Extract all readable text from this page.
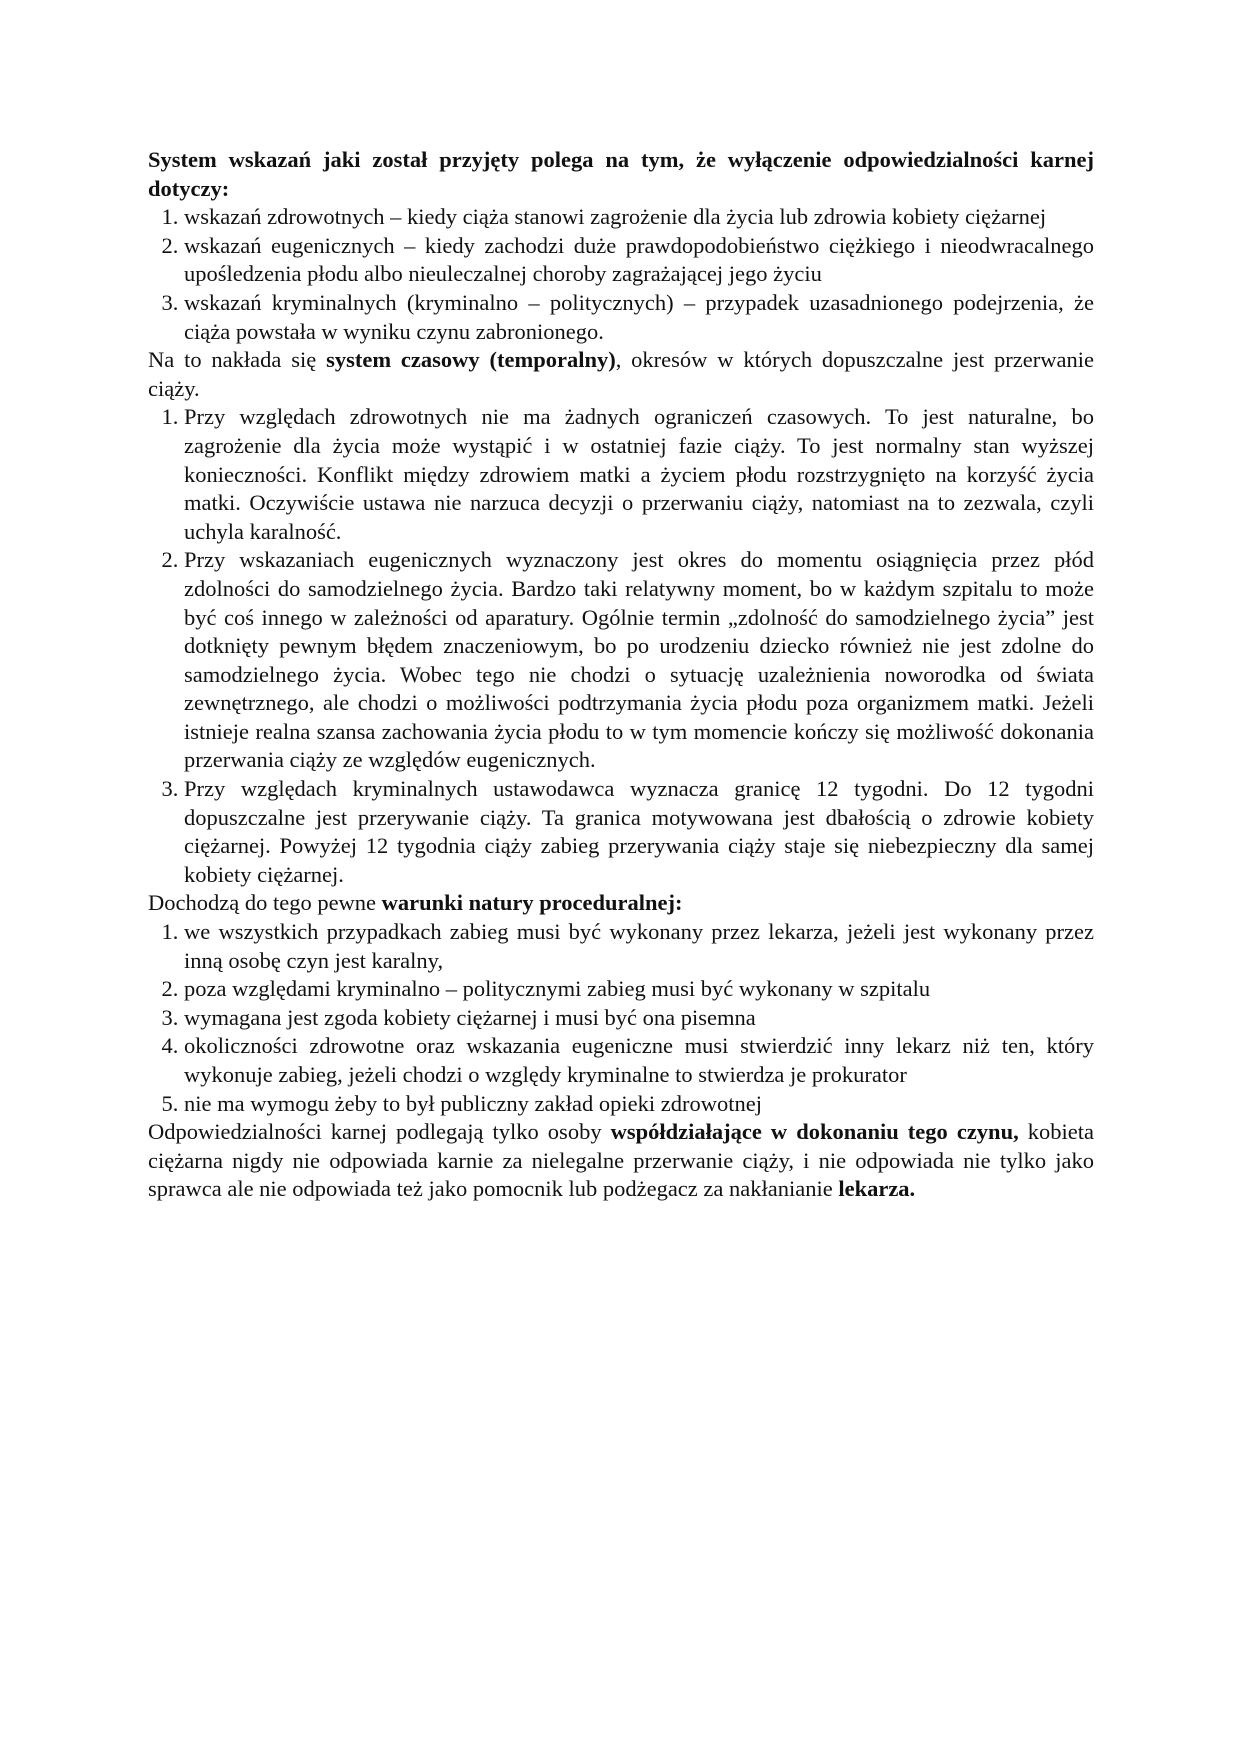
System wskazań jaki został przyjęty polega na tym, że wyłączenie odpowiedzialności karnej dotyczy:

1. wskazań zdrowotnych – kiedy ciąża stanowi zagrożenie dla życia lub zdrowia kobiety ciężarnej
2. wskazań eugenicznych – kiedy zachodzi duże prawdopodobieństwo ciężkiego i nieodwracalnego upośledzenia płodu albo nieuleczalnej choroby zagrażającej jego życiu
3. wskazań kryminalnych (kryminalno – politycznych) – przypadek uzasadnionego podejrzenia, że ciąża powstała w wyniku czynu zabronionego.

Na to nakłada się system czasowy (temporalny), okresów w których dopuszczalne jest przerwanie ciąży.

1. Przy względach zdrowotnych nie ma żadnych ograniczeń czasowych. To jest naturalne, bo zagrożenie dla życia może wystąpić i w ostatniej fazie ciąży. To jest normalny stan wyższej konieczności. Konflikt między zdrowiem matki a życiem płodu rozstrzygnięto na korzyść życia matki. Oczywiście ustawa nie narzuca decyzji o przerwaniu ciąży, natomiast na to zezwala, czyli uchyla karalność.
2. Przy wskazaniach eugenicznych wyznaczony jest okres do momentu osiągnięcia przez płód zdolności do samodzielnego życia. Bardzo taki relatywny moment, bo w każdym szpitalu to może być coś innego w zależności od aparatury. Ogólnie termin „zdolność do samodzielnego życia” jest dotknięty pewnym błędem znaczeniowym, bo po urodzeniu dziecko również nie jest zdolne do samodzielnego życia. Wobec tego nie chodzi o sytuację uzależnienia noworodka od świata zewnętrznego, ale chodzi o możliwości podtrzymania życia płodu poza organizmem matki. Jeżeli istnieje realna szansa zachowania życia płodu to w tym momencie kończy się możliwość dokonania przerwania ciąży ze względów eugenicznych.
3. Przy względach kryminalnych ustawodawca wyznacza granicę 12 tygodni. Do 12 tygodni dopuszczalne jest przerywanie ciąży. Ta granica motywowana jest dbałością o zdrowie kobiety ciężarnej. Powyżej 12 tygodnia ciąży zabieg przerywania ciąży staje się niebezpieczny dla samej kobiety ciężarnej.

Dochodzą do tego pewne warunki natury proceduralnej:

1. we wszystkich przypadkach zabieg musi być wykonany przez lekarza, jeżeli jest wykonany przez inną osobę czyn jest karalny,
2. poza względami kryminalno – politycznymi zabieg musi być wykonany w szpitalu
3. wymagana jest zgoda kobiety ciężarnej i musi być ona pisemna
4. okoliczności zdrowotne oraz wskazania eugeniczne musi stwierdzić inny lekarz niż ten, który wykonuje zabieg, jeżeli chodzi o względy kryminalne to stwierdza je prokurator
5. nie ma wymogu żeby to był publiczny zakład opieki zdrowotnej

Odpowiedzialności karnej podlegają tylko osoby współdziałające w dokonaniu tego czynu, kobieta ciężarna nigdy nie odpowiada karnie za nielegalne przerwanie ciąży, i nie odpowiada nie tylko jako sprawca ale nie odpowiada też jako pomocnik lub podżegacz za nakłanianie lekarza.
